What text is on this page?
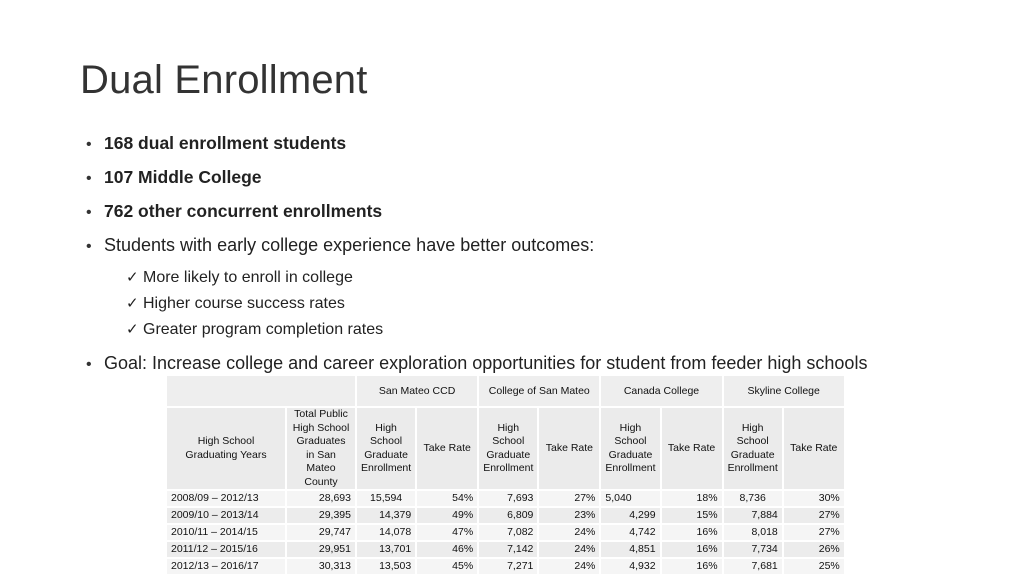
Dual Enrollment
• 168 dual enrollment students
• 107 Middle College
• 762 other concurrent enrollments
• Students with early college experience have better outcomes:
✓ More likely to enroll in college
✓ Higher course success rates
✓ Greater program completion rates
• Goal: Increase college and career exploration opportunities for student from feeder high schools
		San Mateo CCD		College of San Mateo		Canada College		Skyline College	
High School Graduating Years	Total Public High School Graduates in San Mateo County	High School Graduate Enrollment	Take Rate	High School Graduate Enrollment	Take Rate	High School Graduate Enrollment	Take Rate	High School Graduate Enrollment	Take Rate
2008/09 – 2012/13	28,693	15,594	54%	7,693	27%	5,040	18%	8,736	30%
2009/10 – 2013/14	29,395	14,379	49%	6,809	23%	4,299	15%	7,884	27%
2010/11 – 2014/15	29,747	14,078	47%	7,082	24%	4,742	16%	8,018	27%
2011/12 – 2015/16	29,951	13,701	46%	7,142	24%	4,851	16%	7,734	26%
2012/13 – 2016/17	30,313	13,503	45%	7,271	24%	4,932	16%	7,681	25%
